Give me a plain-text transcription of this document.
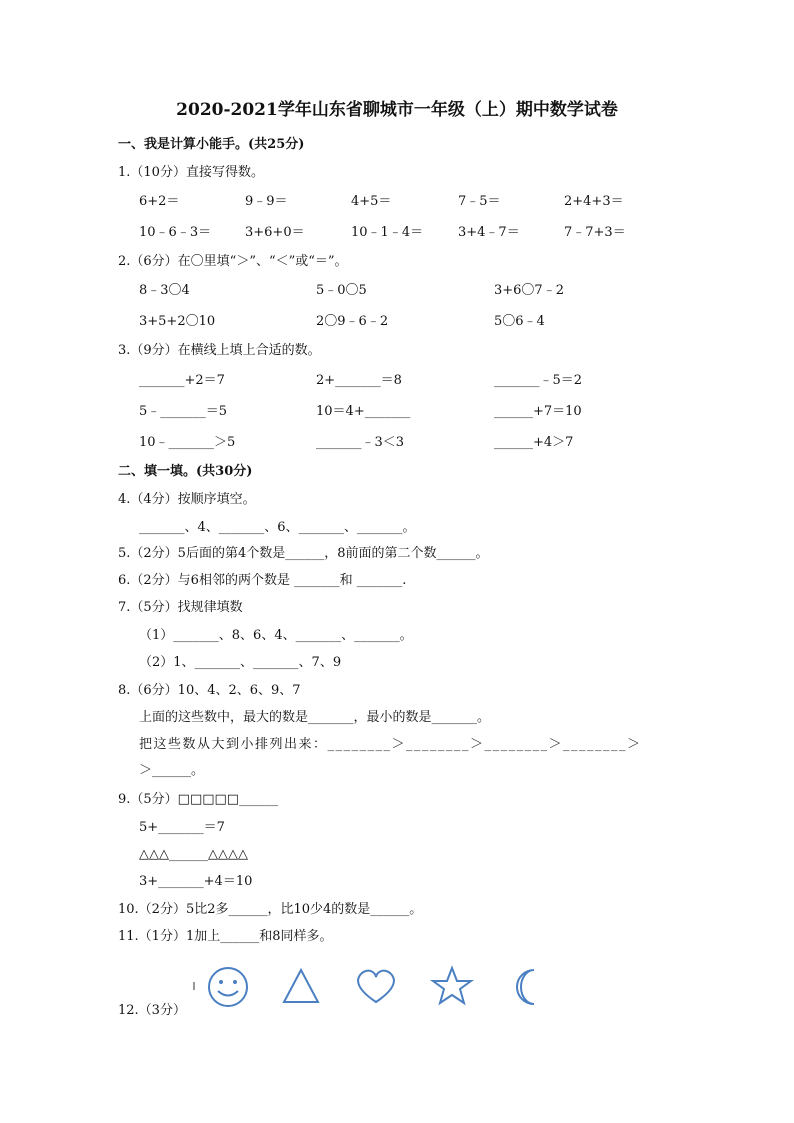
2020-2021学年山东省聊城市一年级（上）期中数学试卷
一、我是计算小能手。(共25分)
1.（10分）直接写得数。
6+2＝	9﹣9＝	4+5＝	7﹣5＝	2+4+3＝
10﹣6﹣3＝	3+6+0＝	10﹣1﹣4＝	3+4﹣7＝	7﹣7+3＝
2.（6分）在〇里填“＞”、“＜”或“＝”。
8﹣3〇4	5﹣0〇5	3+6〇7﹣2
3+5+2〇10	2〇9﹣6﹣2	5〇6﹣4
3.（9分）在横线上填上合适的数。
_______+2＝7	2+_______＝8	_______﹣5＝2
5﹣_______＝5	10＝4+_______	______+7＝10
10﹣_______＞5	_______﹣3＜3	______+4＞7
二、填一填。(共30分)
4.（4分）按顺序填空。
_______、4、_______、6、_______、_______。
5.（2分）5后面的第4个数是______，8前面的第二个数______。
6.（2分）与6相邻的两个数是 _______和 _______.
7.（5分）找规律填数
（1）_______、8、6、4、_______、_______。
（2）1、_______、_______、7、9
8.（6分）10、4、2、6、9、7
上面的这些数中，最大的数是_______，最小的数是_______。
把这些数从大到小排列出来：________＞________＞________＞________＞
＞______。
9.（5分）□□□□□______
5+_______＝7
△△△______△△△△
3+_______+4＝10
10.（2分）5比2多______，比10少4的数是______。
11.（1分）1加上______和8同样多。
12.（3分）
